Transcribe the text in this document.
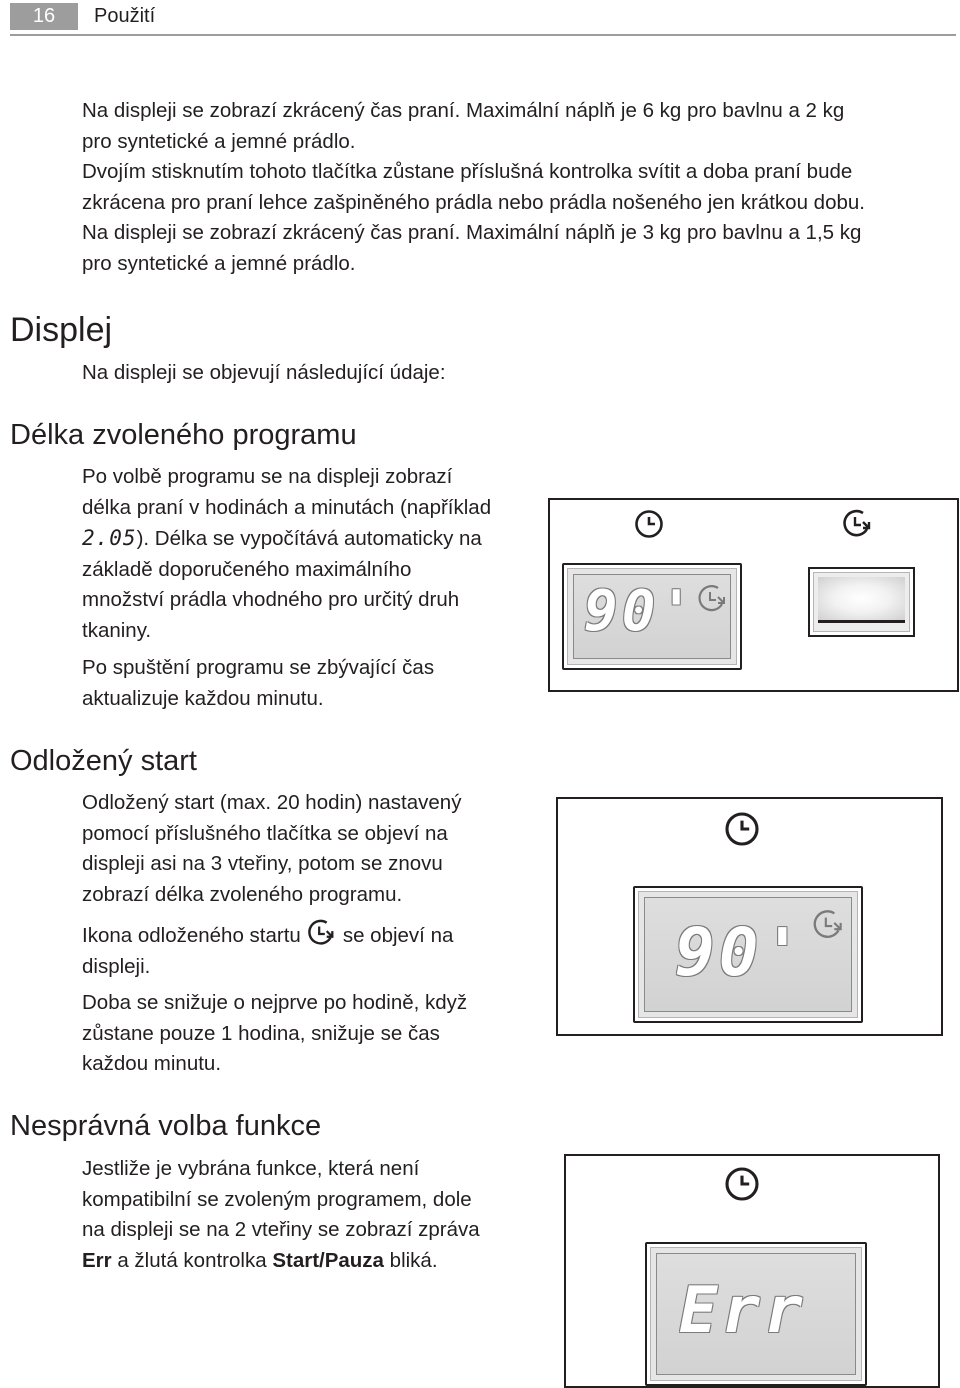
16	Použití
Na displeji se zobrazí zkrácený čas praní. Maximální náplň je 6 kg pro bavlnu a 2 kg
pro syntetické a jemné prádlo.
Dvojím stisknutím tohoto tlačítka zůstane příslušná kontrolka svítit a doba praní bude
zkrácena pro praní lehce zašpiněného prádla nebo prádla nošeného jen krátkou dobu.
Na displeji se zobrazí zkrácený čas praní. Maximální náplň je 3 kg pro bavlnu a 1,5 kg
pro syntetické a jemné prádlo.
Displej

Na displeji se objevují následující údaje:

Délka zvoleného programu
Po volbě programu se na displeji zobrazí
délka praní v hodinách a minutách (například
2.05). Délka se vypočítává automaticky na
základě doporučeného maximálního
množství prádla vhodného pro určitý druh
tkaniny.
Po spuštění programu se zbývající čas
aktualizuje každou minutu.
90'
Odložený start
Odložený start (max. 20 hodin) nastavený
pomocí příslušného tlačítka se objeví na
displeji asi na 3 vteřiny, potom se znovu
zobrazí délka zvoleného programu.
Ikona odloženého startu se objeví na
displeji.
Doba se snižuje o nejprve po hodině, když
zůstane pouze 1 hodina, snižuje se čas
každou minutu.
90'
Nesprávná volba funkce
Jestliže je vybrána funkce, která není
kompatibilní se zvoleným programem, dole
na displeji se na 2 vteřiny se zobrazí zpráva
Err a žlutá kontrolka Start/Pauza bliká.
Err
